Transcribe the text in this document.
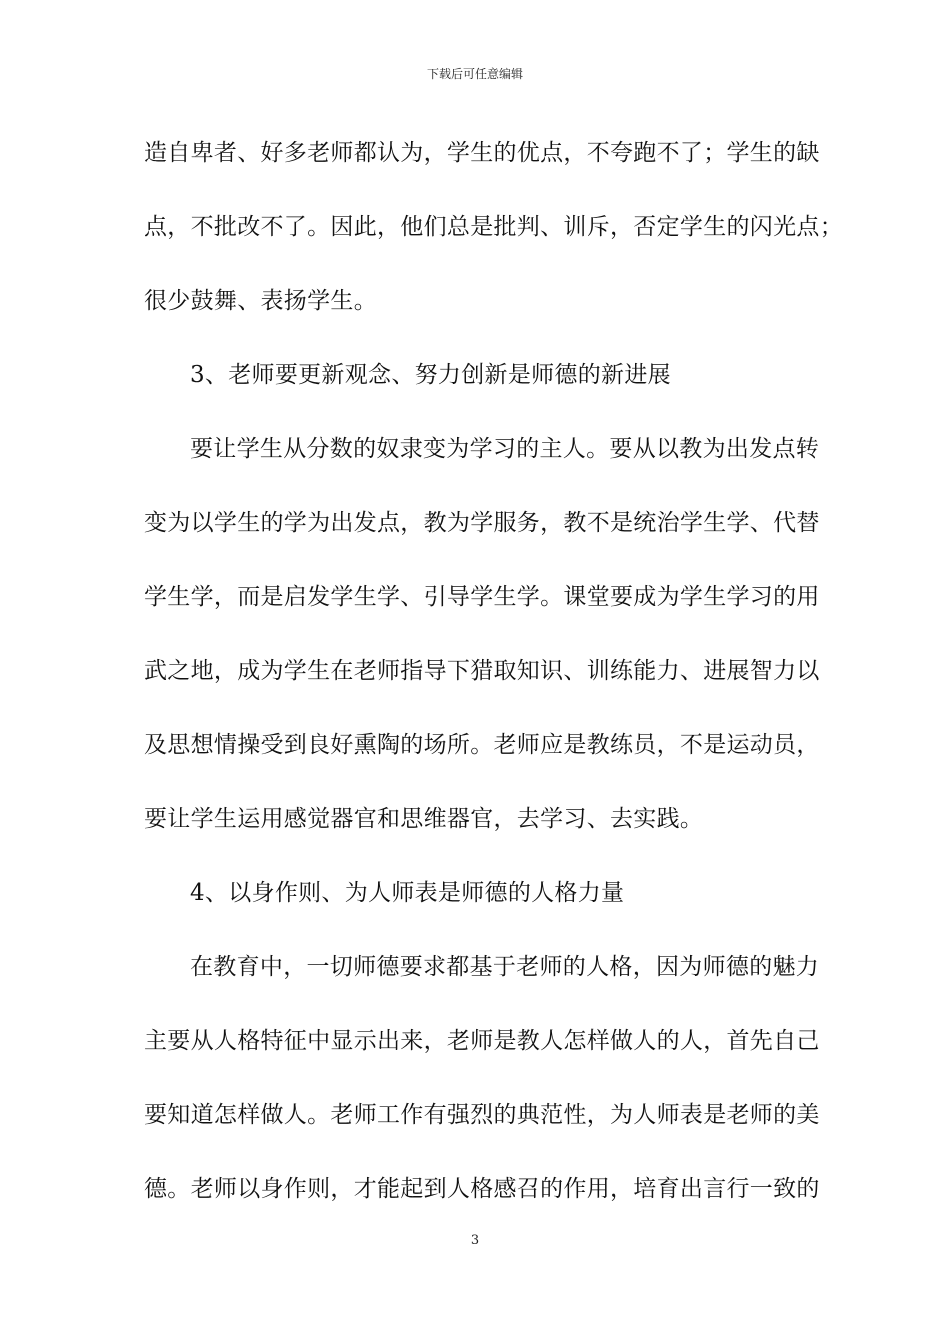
下载后可任意编辑
造自卑者、好多老师都认为，学生的优点，不夸跑不了；学生的缺
点，不批改不了。因此，他们总是批判、训斥，否定学生的闪光点；
很少鼓舞、表扬学生。
3、老师要更新观念、努力创新是师德的新进展
要让学生从分数的奴隶变为学习的主人。要从以教为出发点转
变为以学生的学为出发点，教为学服务，教不是统治学生学、代替
学生学，而是启发学生学、引导学生学。课堂要成为学生学习的用
武之地，成为学生在老师指导下猎取知识、训练能力、进展智力以
及思想情操受到良好熏陶的场所。老师应是教练员，不是运动员，
要让学生运用感觉器官和思维器官，去学习、去实践。
4、以身作则、为人师表是师德的人格力量
在教育中，一切师德要求都基于老师的人格，因为师德的魅力
主要从人格特征中显示出来，老师是教人怎样做人的人，首先自己
要知道怎样做人。老师工作有强烈的典范性，为人师表是老师的美
德。老师以身作则，才能起到人格感召的作用，培育出言行一致的
3
